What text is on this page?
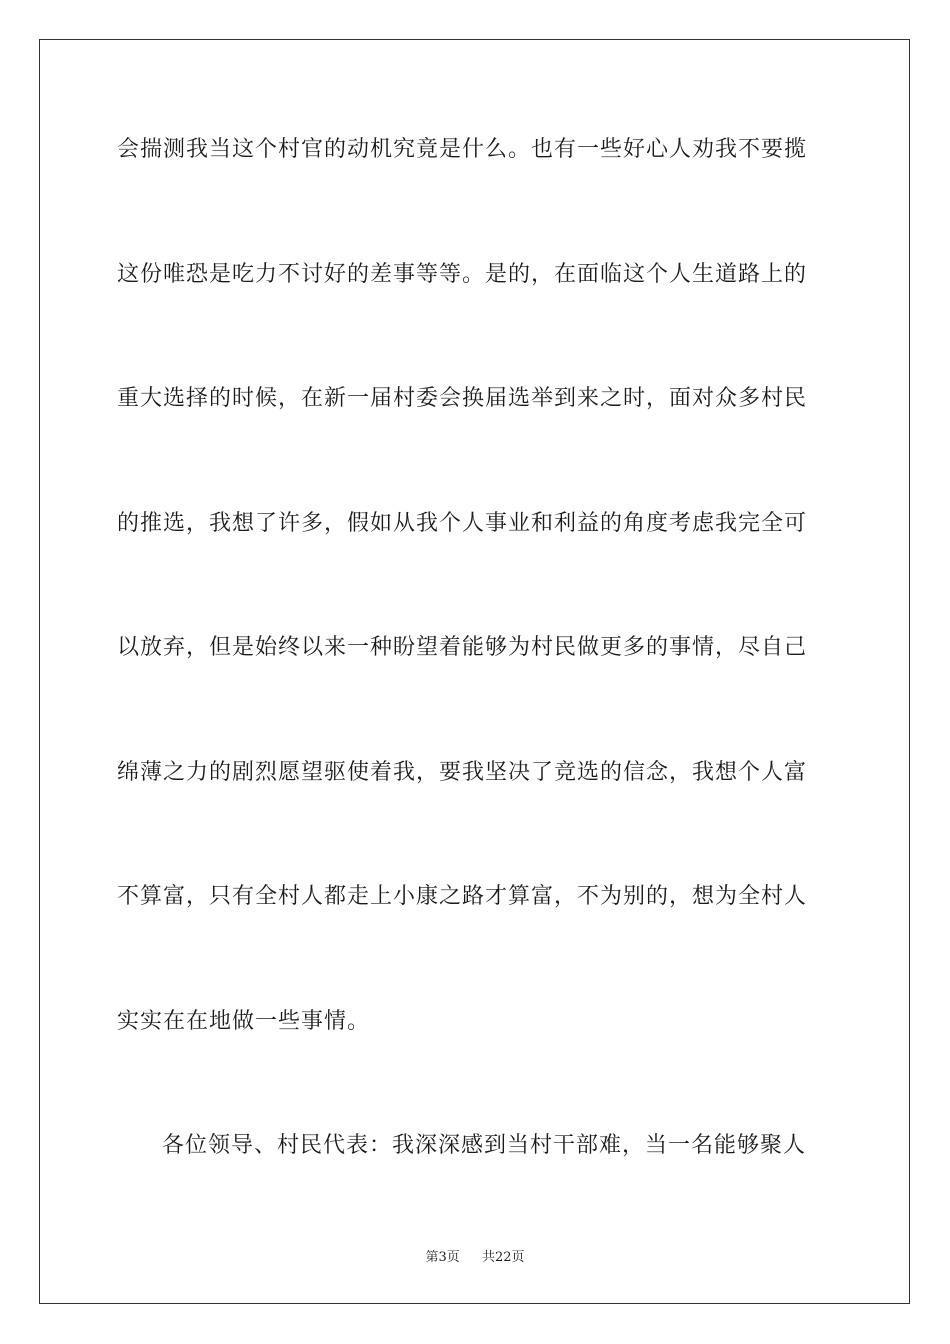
会揣测我当这个村官的动机究竟是什么。也有一些好心人劝我不要揽

这份唯恐是吃力不讨好的差事等等。是的，在面临这个人生道路上的

重大选择的时候，在新一届村委会换届选举到来之时，面对众多村民

的推选，我想了许多，假如从我个人事业和利益的角度考虑我完全可

以放弃，但是始终以来一种盼望着能够为村民做更多的事情，尽自己

绵薄之力的剧烈愿望驱使着我，要我坚决了竞选的信念，我想个人富

不算富，只有全村人都走上小康之路才算富，不为别的，想为全村人

实实在在地做一些事情。

各位领导、村民代表：我深深感到当村干部难，当一名能够聚人

第3页 共22页
